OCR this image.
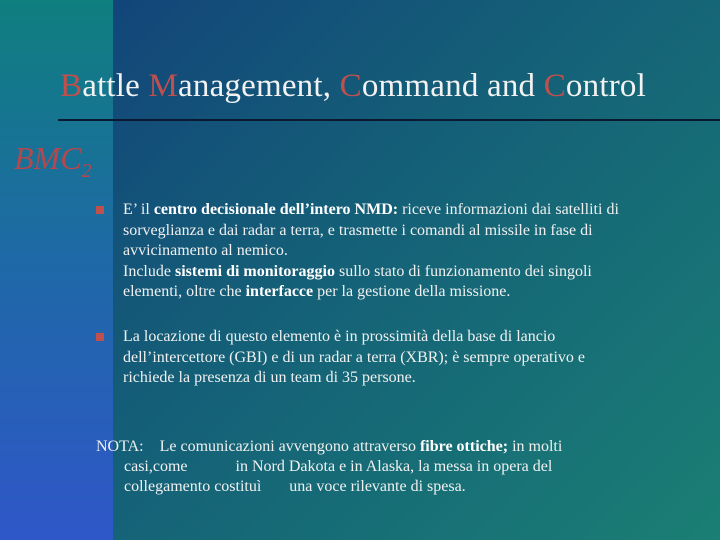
Battle Management, Command and Control
$BMC_2$
E’ il centro decisionale dell’intero NMD: riceve informazioni dai satelliti di
sorveglianza e dai radar a terra, e trasmette i comandi al missile in fase di
avvicinamento al nemico.
Include sistemi di monitoraggio sullo stato di funzionamento dei singoli
elementi, oltre che interfacce per la gestione della missione.
La locazione di questo elemento è in prossimità della base di lancio
dell’intercettore (GBI) e di un radar a terra (XBR); è sempre operativo e
richiede la presenza di un team di 35 persone.
NOTA: Le comunicazioni avvengono attraverso fibre ottiche; in molti
casi,come	in Nord Dakota e in Alaska, la messa in opera del
collegamento costituì una voce rilevante di spesa.
